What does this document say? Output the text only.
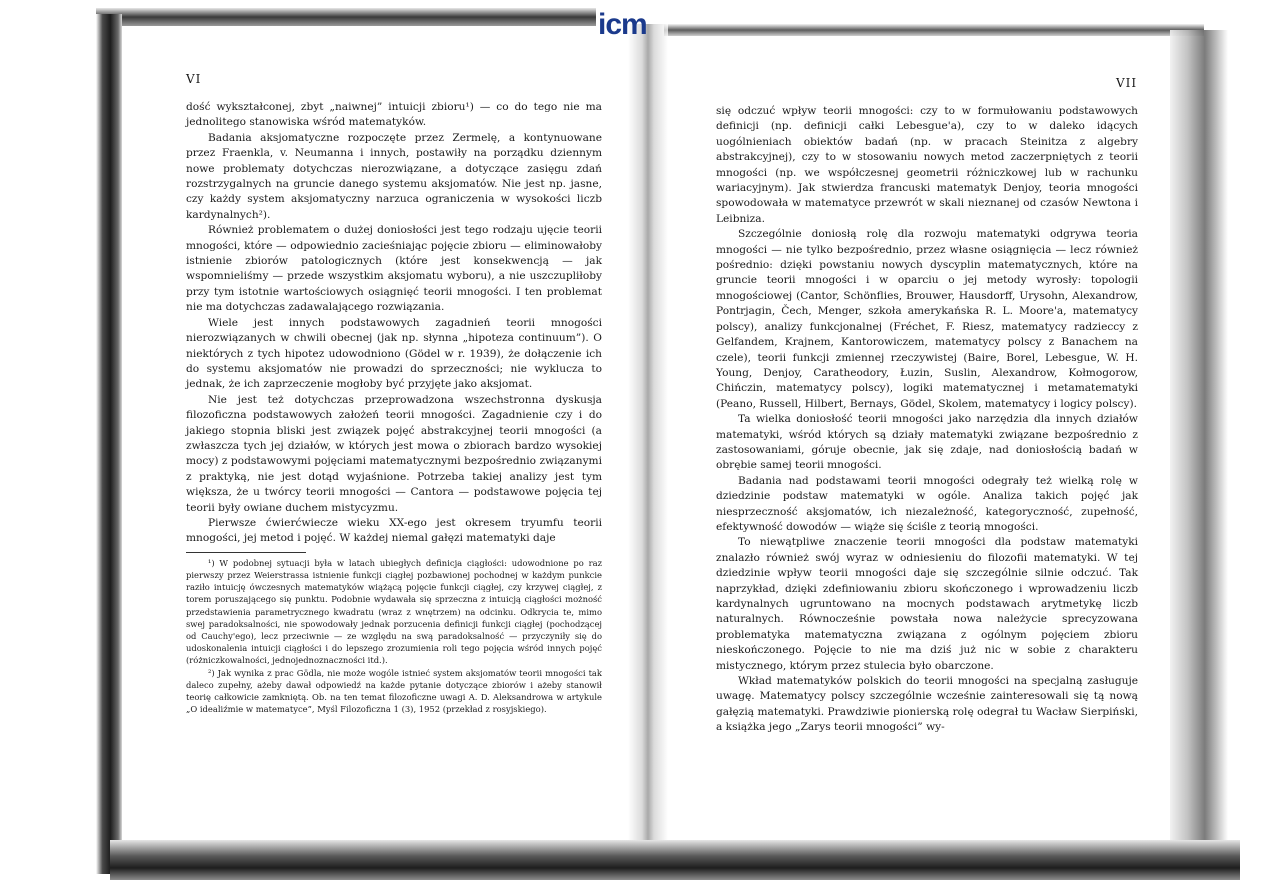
icm
VI

dość wykształconej, zbyt „naiwnej” intuicji zbioru¹) — co do tego nie ma jednolitego stanowiska wśród matematyków.

Badania aksjomatyczne rozpoczęte przez Zermelę, a kontynuowane przez Fraenkla, v. Neumanna i innych, postawiły na porządku dziennym nowe problematy dotychczas nierozwiązane, a dotyczące zasięgu zdań rozstrzygalnych na gruncie danego systemu aksjomatów. Nie jest np. jasne, czy każdy system aksjomatyczny narzuca ograniczenia w wysokości liczb kardynalnych²).

Również problematem o dużej doniosłości jest tego rodzaju ujęcie teorii mnogości, które — odpowiednio zacieśniając pojęcie zbioru — eliminowałoby istnienie zbiorów patologicznych (które jest konsekwencją — jak wspomnieliśmy — przede wszystkim aksjomatu wyboru), a nie uszczupliłoby przy tym istotnie wartościowych osiągnięć teorii mnogości. I ten problemat nie ma dotychczas zadawalającego rozwiązania.

Wiele jest innych podstawowych zagadnień teorii mnogości nierozwiązanych w chwili obecnej (jak np. słynna „hipoteza continuum”). O niektórych z tych hipotez udowodniono (Gödel w r. 1939), że dołączenie ich do systemu aksjomatów nie prowadzi do sprzeczności; nie wyklucza to jednak, że ich zaprzeczenie mogłoby być przyjęte jako aksjomat.

Nie jest też dotychczas przeprowadzona wszechstronna dyskusja filozoficzna podstawowych założeń teorii mnogości. Zagadnienie czy i do jakiego stopnia bliski jest związek pojęć abstrakcyjnej teorii mnogości (a zwłaszcza tych jej działów, w których jest mowa o zbiorach bardzo wysokiej mocy) z podstawowymi pojęciami matematycznymi bezpośrednio związanymi z praktyką, nie jest dotąd wyjaśnione. Potrzeba takiej analizy jest tym większa, że u twórcy teorii mnogości — Cantora — podstawowe pojęcia tej teorii były owiane duchem mistycyzmu.

Pierwsze ćwierćwiecze wieku XX-ego jest okresem tryumfu teorii mnogości, jej metod i pojęć. W każdej niemal gałęzi matematyki daje

¹) W podobnej sytuacji była w latach ubiegłych definicja ciągłości: udowodnione po raz pierwszy przez Weierstrassa istnienie funkcji ciągłej pozbawionej pochodnej w każdym punkcie raziło intuicję ówczesnych matematyków wiążącą pojęcie funkcji ciągłej, czy krzywej ciągłej, z torem poruszającego się punktu. Podobnie wydawała się sprzeczna z intuicją ciągłości możność przedstawienia parametrycznego kwadratu (wraz z wnętrzem) na odcinku. Odkrycia te, mimo swej paradoksalności, nie spowodowały jednak porzucenia definicji funkcji ciągłej (pochodzącej od Cauchy'ego), lecz przeciwnie — ze względu na swą paradoksalność — przyczyniły się do udoskonalenia intuicji ciągłości i do lepszego zrozumienia roli tego pojęcia wśród innych pojęć (różniczkowalności, jednojednoznaczności itd.).

²) Jak wynika z prac Gödla, nie może wogóle istnieć system aksjomatów teorii mnogości tak daleco zupełny, ażeby dawał odpowiedź na każde pytanie dotyczące zbiorów i ażeby stanowił teorię całkowicie zamkniętą. Ob. na ten temat filozoficzne uwagi A. D. Aleksandrowa w artykule „O idealiźmie w matematyce”, Myśl Filozoficzna 1 (3), 1952 (przekład z rosyjskiego).

VII

się odczuć wpływ teorii mnogości: czy to w formułowaniu podstawowych definicji (np. definicji całki Lebesgue'a), czy to w daleko idących uogólnieniach obiektów badań (np. w pracach Steinitza z algebry abstrakcyjnej), czy to w stosowaniu nowych metod zaczerpniętych z teorii mnogości (np. we współczesnej geometrii różniczkowej lub w rachunku wariacyjnym). Jak stwierdza francuski matematyk Denjoy, teoria mnogości spowodowała w matematyce przewrót w skali nieznanej od czasów Newtona i Leibniza.

Szczególnie doniosłą rolę dla rozwoju matematyki odgrywa teoria mnogości — nie tylko bezpośrednio, przez własne osiągnięcia — lecz również pośrednio: dzięki powstaniu nowych dyscyplin matematycznych, które na gruncie teorii mnogości i w oparciu o jej metody wyrosły: topologii mnogościowej (Cantor, Schönflies, Brouwer, Hausdorff, Urysohn, Alexandrow, Pontrjagin, Čech, Menger, szkoła amerykańska R. L. Moore'a, matematycy polscy), analizy funkcjonalnej (Fréchet, F. Riesz, matematycy radzieccy z Gelfandem, Krajnem, Kantorowiczem, matematycy polscy z Banachem na czele), teorii funkcji zmiennej rzeczywistej (Baire, Borel, Lebesgue, W. H. Young, Denjoy, Caratheodory, Łuzin, Suslin, Alexandrow, Kołmogorow, Chińczin, matematycy polscy), logiki matematycznej i metamatematyki (Peano, Russell, Hilbert, Bernays, Gödel, Skolem, matematycy i logicy polscy).

Ta wielka doniosłość teorii mnogości jako narzędzia dla innych działów matematyki, wśród których są działy matematyki związane bezpośrednio z zastosowaniami, góruje obecnie, jak się zdaje, nad doniosłością badań w obrębie samej teorii mnogości.

Badania nad podstawami teorii mnogości odegrały też wielką rolę w dziedzinie podstaw matematyki w ogóle. Analiza takich pojęć jak niesprzeczność aksjomatów, ich niezależność, kategoryczność, zupełność, efektywność dowodów — wiąże się ściśle z teorią mnogości.

To niewątpliwe znaczenie teorii mnogości dla podstaw matematyki znalazło również swój wyraz w odniesieniu do filozofii matematyki. W tej dziedzinie wpływ teorii mnogości daje się szczególnie silnie odczuć. Tak naprzykład, dzięki zdefiniowaniu zbioru skończonego i wprowadzeniu liczb kardynalnych ugruntowano na mocnych podstawach arytmetykę liczb naturalnych. Równocześnie powstała nowa należycie sprecyzowana problematyka matematyczna związana z ogólnym pojęciem zbioru nieskończonego. Pojęcie to nie ma dziś już nic w sobie z charakteru mistycznego, którym przez stulecia było obarczone.

Wkład matematyków polskich do teorii mnogości na specjalną zasługuje uwagę. Matematycy polscy szczególnie wcześnie zainteresowali się tą nową gałęzią matematyki. Prawdziwie pionierską rolę odegrał tu Wacław Sierpiński, a książka jego „Zarys teorii mnogości” wy-
